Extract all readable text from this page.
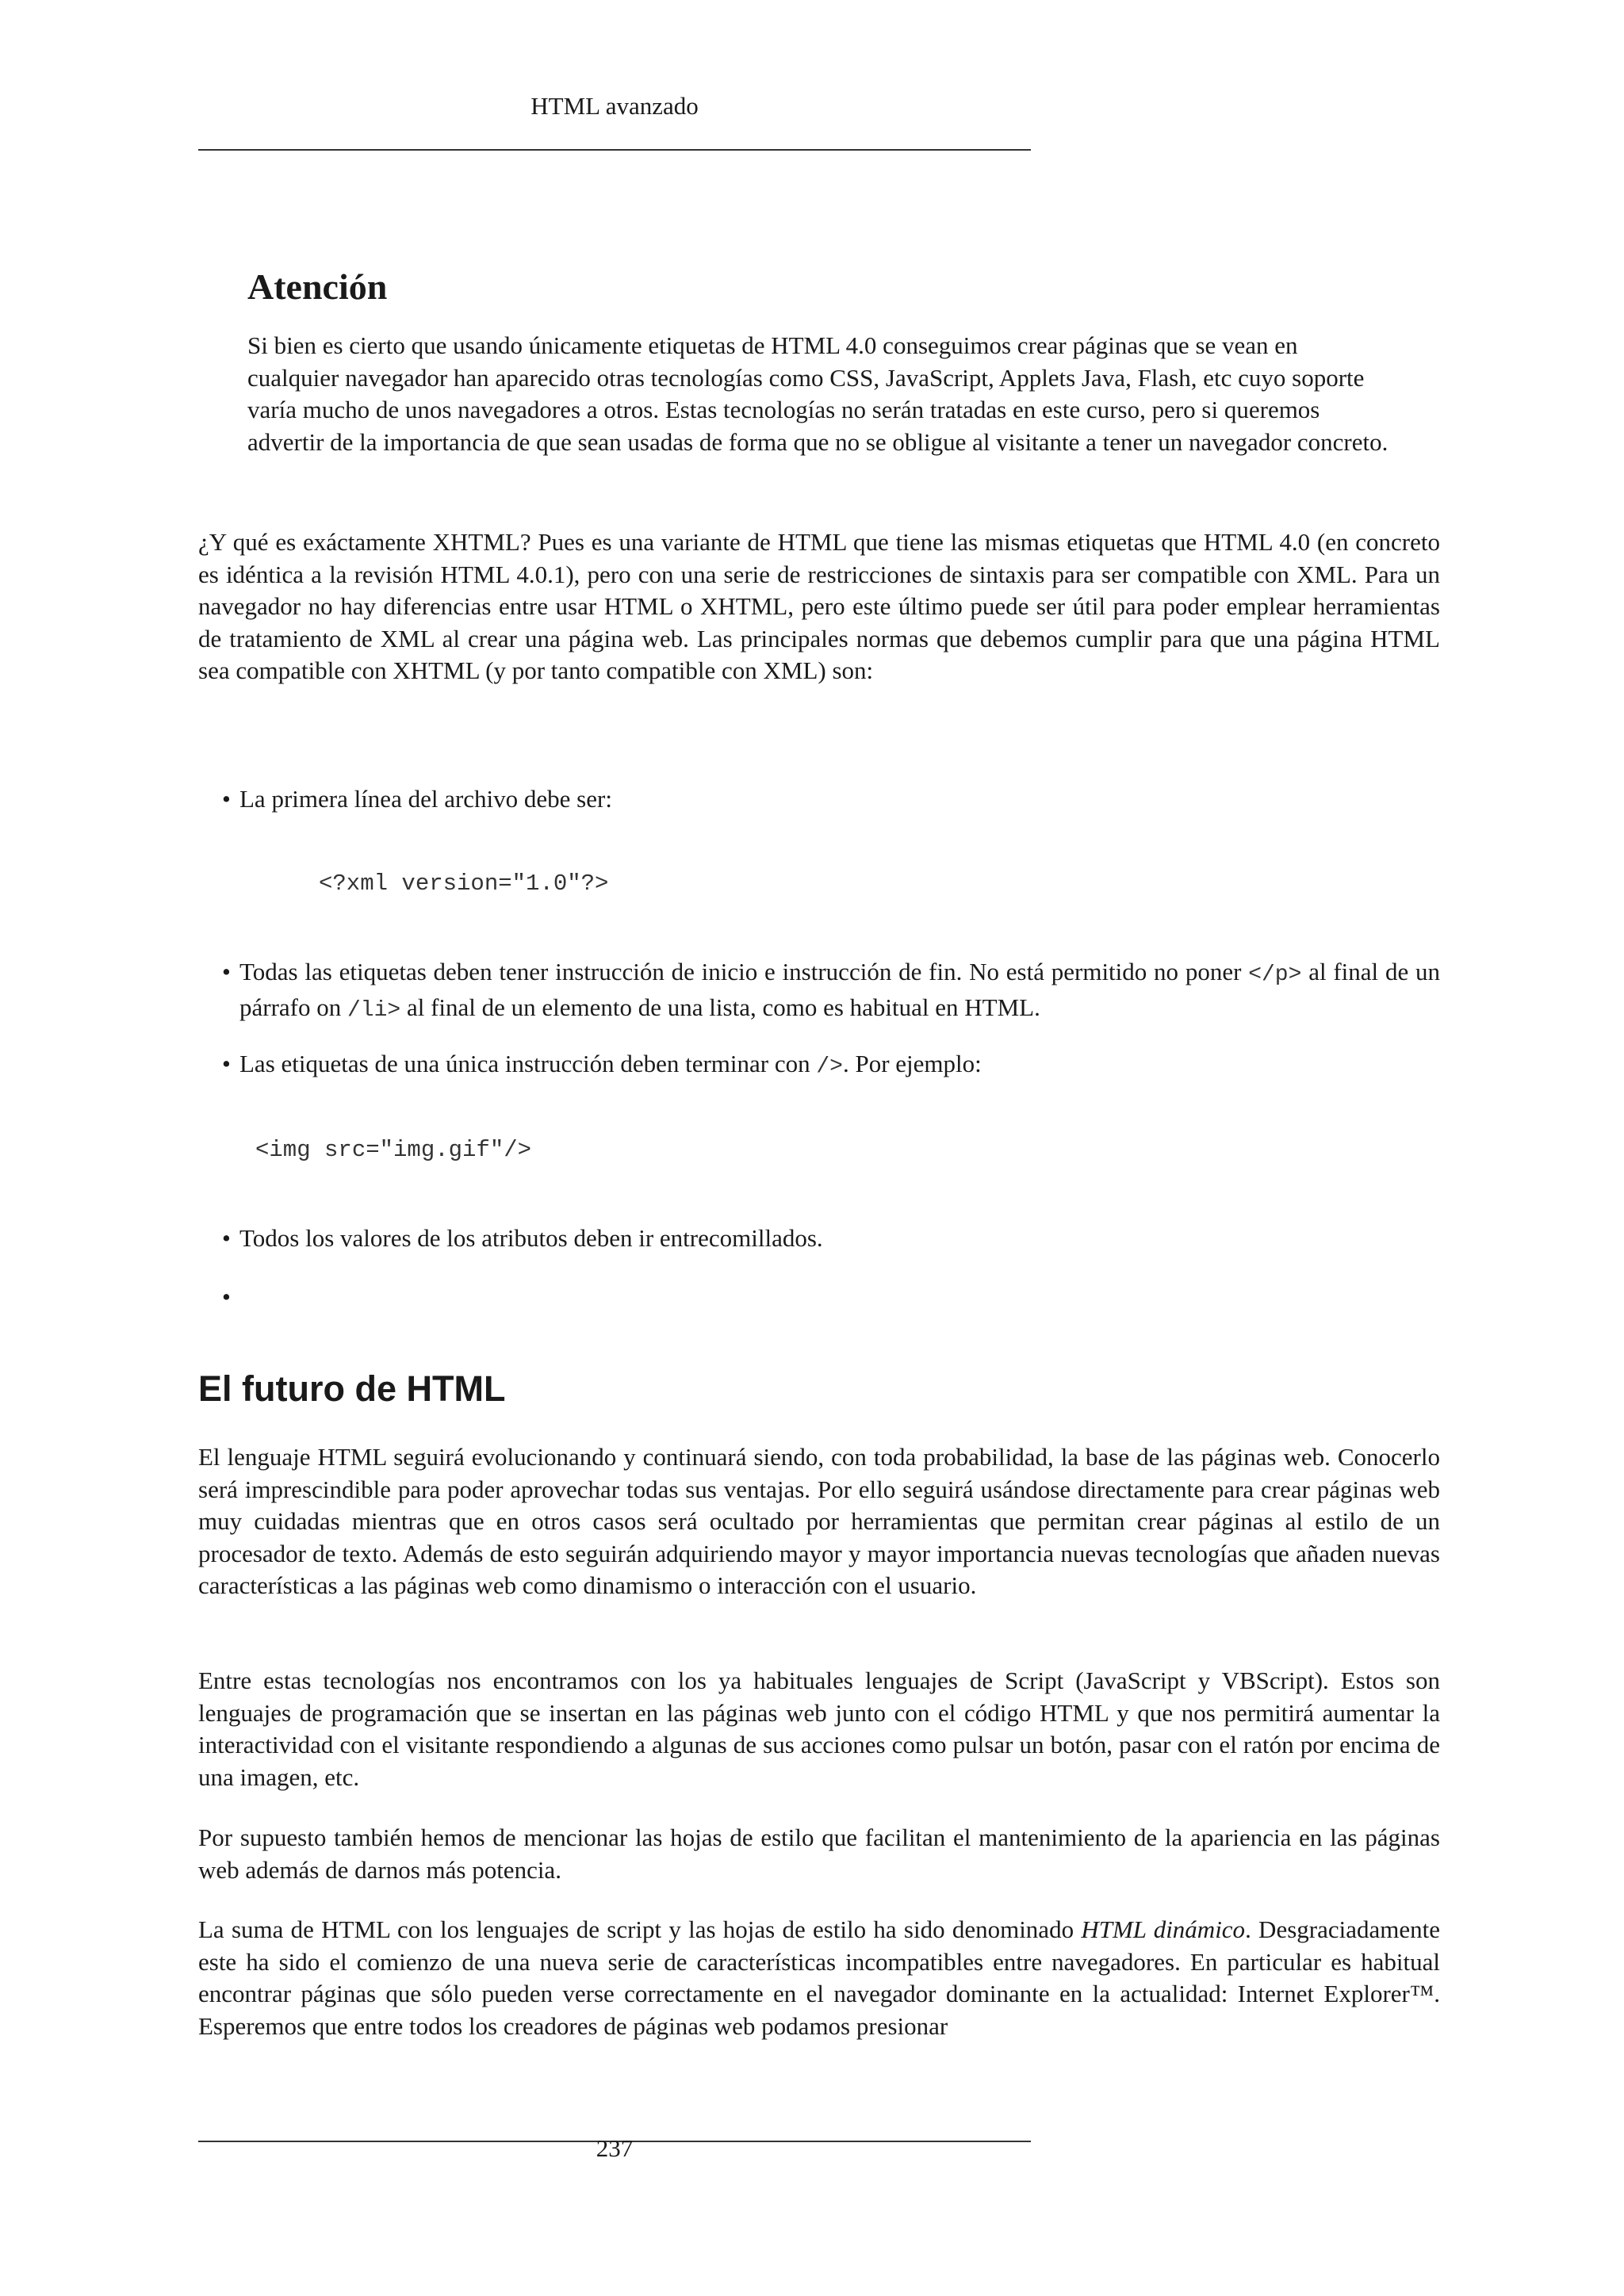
HTML avanzado
Atención

Si bien es cierto que usando únicamente etiquetas de HTML 4.0 conseguimos crear páginas que se vean en cualquier navegador han aparecido otras tecnologías como CSS, JavaScript, Applets Java, Flash, etc cuyo soporte varía mucho de unos navegadores a otros. Estas tecnologías no serán tratadas en este curso, pero si queremos advertir de la importancia de que sean usadas de forma que no se obligue al visitante a tener un navegador concreto.

¿Y qué es exáctamente XHTML? Pues es una variante de HTML que tiene las mismas etiquetas que HTML 4.0 (en concreto es idéntica a la revisión HTML 4.0.1), pero con una serie de restricciones de sintaxis para ser compatible con XML. Para un navegador no hay diferencias entre usar HTML o XHTML, pero este último puede ser útil para poder emplear herramientas de tratamiento de XML al crear una página web. Las principales normas que debemos cumplir para que una página HTML sea compatible con XHTML (y por tanto compatible con XML) son:

• La primera línea del archivo debe ser:
<?xml version="1.0"?>
• Todas las etiquetas deben tener instrucción de inicio e instrucción de fin. No está permitido no poner </p> al final de un párrafo on /li> al final de un elemento de una lista, como es habitual en HTML.
• Las etiquetas de una única instrucción deben terminar con />. Por ejemplo:
<img src="img.gif"/>
• Todos los valores de los atributos deben ir entrecomillados.
•
El futuro de HTML

El lenguaje HTML seguirá evolucionando y continuará siendo, con toda probabilidad, la base de las páginas web. Conocerlo será imprescindible para poder aprovechar todas sus ventajas. Por ello seguirá usándose directamente para crear páginas web muy cuidadas mientras que en otros casos será ocultado por herramientas que permitan crear páginas al estilo de un procesador de texto. Además de esto seguirán adquiriendo mayor y mayor importancia nuevas tecnologías que añaden nuevas características a las páginas web como dinamismo o interacción con el usuario.

Entre estas tecnologías nos encontramos con los ya habituales lenguajes de Script (JavaScript y VBScript). Estos son lenguajes de programación que se insertan en las páginas web junto con el código HTML y que nos permitirá aumentar la interactividad con el visitante respondiendo a algunas de sus acciones como pulsar un botón, pasar con el ratón por encima de una imagen, etc.

Por supuesto también hemos de mencionar las hojas de estilo que facilitan el mantenimiento de la apariencia en las páginas web además de darnos más potencia.

La suma de HTML con los lenguajes de script y las hojas de estilo ha sido denominado HTML dinámico. Desgraciadamente este ha sido el comienzo de una nueva serie de características incompatibles entre navegadores. En particular es habitual encontrar páginas que sólo pueden verse correctamente en el navegador dominante en la actualidad: Internet Explorer™. Esperemos que entre todos los creadores de páginas web podamos presionar

237
